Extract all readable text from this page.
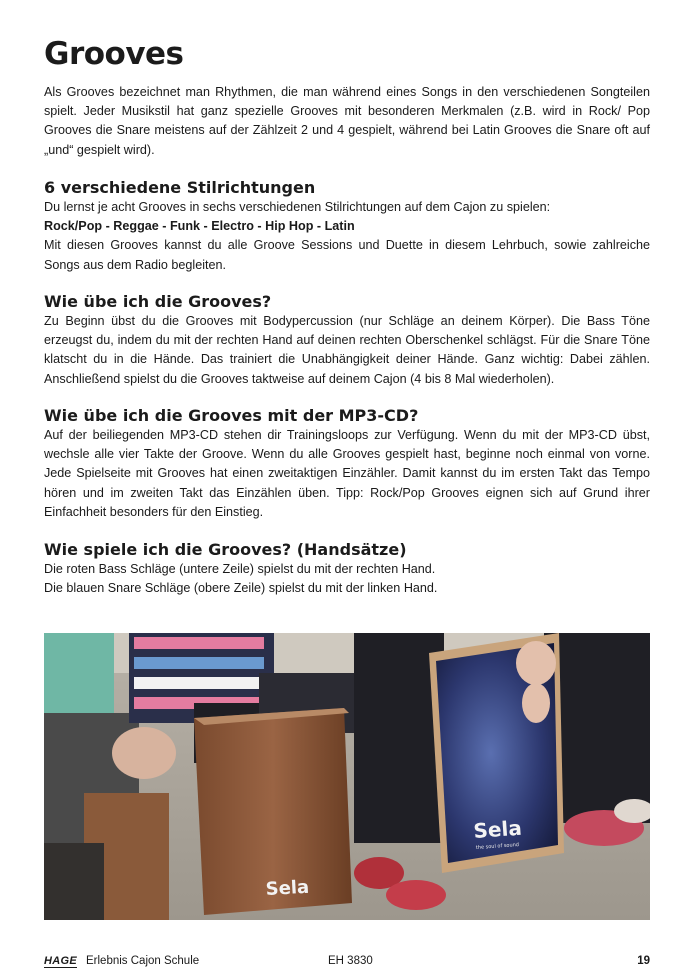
Grooves

Als Grooves bezeichnet man Rhythmen, die man während eines Songs in den verschiedenen Songteilen spielt. Jeder Musikstil hat ganz spezielle Grooves mit besonderen Merkmalen (z.B. wird in Rock/ Pop Grooves die Snare meistens auf der Zählzeit 2 und 4 gespielt, während bei Latin Grooves die Snare oft auf „und“ gespielt wird).

6 verschiedene Stilrichtungen

Du lernst je acht Grooves in sechs verschiedenen Stilrichtungen auf dem Cajon zu spielen:

Rock/Pop - Reggae - Funk - Electro - Hip Hop - Latin

Mit diesen Grooves kannst du alle Groove Sessions und Duette in diesem Lehrbuch, sowie zahlreiche Songs aus dem Radio begleiten.

Wie übe ich die Grooves?

Zu Beginn übst du die Grooves mit Bodypercussion (nur Schläge an deinem Körper). Die Bass Töne erzeugst du, indem du mit der rechten Hand auf deinen rechten Oberschenkel schlägst. Für die Snare Töne klatscht du in die Hände. Das trainiert die Unabhängigkeit deiner Hände. Ganz wichtig: Dabei zählen. Anschließend spielst du die Grooves taktweise auf deinem Cajon (4 bis 8 Mal wiederholen).

Wie übe ich die Grooves mit der MP3-CD?

Auf der beiliegenden MP3-CD stehen dir Trainingsloops zur Verfügung. Wenn du mit der MP3-CD übst, wechsle alle vier Takte der Groove. Wenn du alle Grooves gespielt hast, beginne noch einmal von vorne. Jede Spielseite mit Grooves hat einen zweitaktigen Einzähler. Damit kannst du im ersten Takt das Tempo hören und im zweiten Takt das Einzählen üben. Tipp: Rock/Pop Grooves eignen sich auf Grund ihrer Einfachheit besonders für den Einstieg.

Wie spiele ich die Grooves? (Handsätze)

Die roten Bass Schläge (untere Zeile) spielst du mit der rechten Hand.

Die blauen Snare Schläge (obere Zeile) spielst du mit der linken Hand.

Sela
Sela
the soul of sound
HAGE Erlebnis Cajon Schule	EH 3830	19
